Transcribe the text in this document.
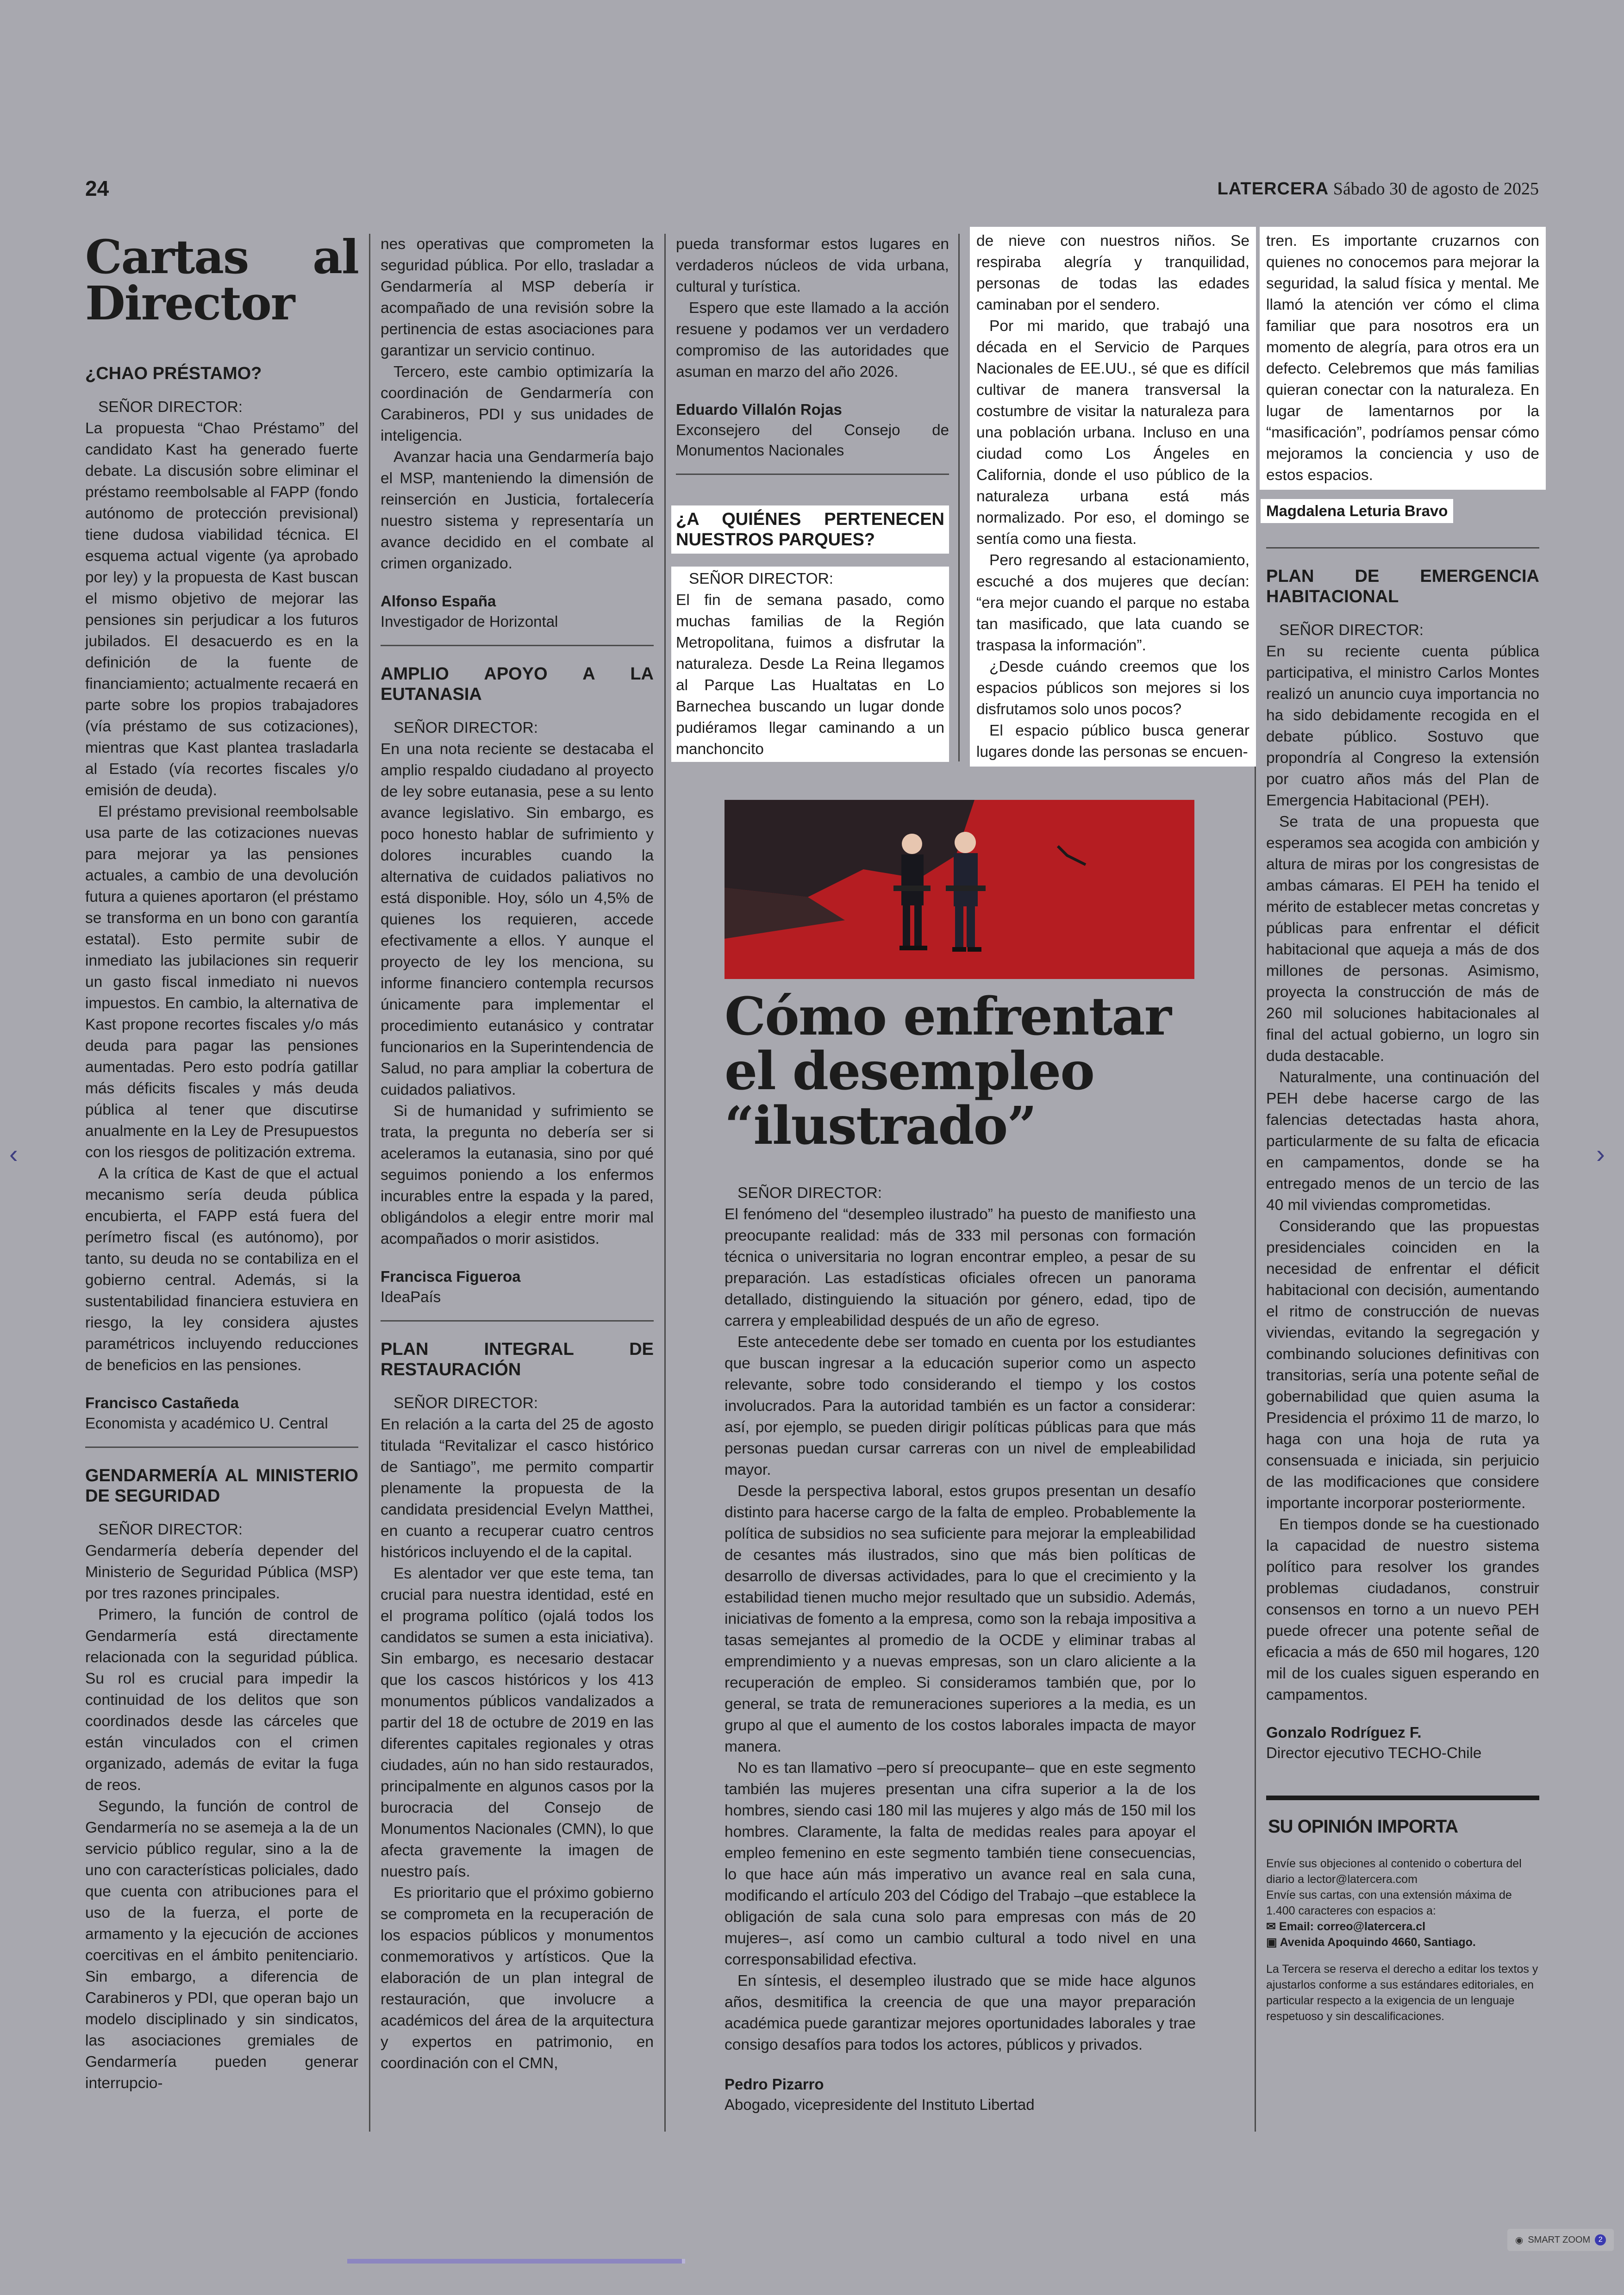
24	LATERCERA Sábado 30 de agosto de 2025
Cartas al Director
¿CHAO PRÉSTAMO?

SEÑOR DIRECTOR:

La propuesta “Chao Préstamo” del candidato Kast ha generado fuerte debate. La discusión sobre eliminar el préstamo reembolsable al FAPP (fondo autónomo de protección previsional) tiene dudosa viabilidad técnica. El esquema actual vigente (ya aprobado por ley) y la propuesta de Kast buscan el mismo objetivo de mejorar las pensiones sin perjudicar a los futuros jubilados. El desacuerdo es en la definición de la fuente de financiamiento; actualmente recaerá en parte sobre los propios trabajadores (vía préstamo de sus cotizaciones), mientras que Kast plantea trasladarla al Estado (vía recortes fiscales y/o emisión de deuda).

El préstamo previsional reembolsable usa parte de las cotizaciones nuevas para mejorar ya las pensiones actuales, a cambio de una devolución futura a quienes aportaron (el préstamo se transforma en un bono con garantía estatal). Esto permite subir de inmediato las jubilaciones sin requerir un gasto fiscal inmediato ni nuevos impuestos. En cambio, la alternativa de Kast propone recortes fiscales y/o más deuda para pagar las pensiones aumentadas. Pero esto podría gatillar más déficits fiscales y más deuda pública al tener que discutirse anualmente en la Ley de Presupuestos con los riesgos de politización extrema.

A la crítica de Kast de que el actual mecanismo sería deuda pública encubierta, el FAPP está fuera del perímetro fiscal (es autónomo), por tanto, su deuda no se contabiliza en el gobierno central. Además, si la sustentabilidad financiera estuviera en riesgo, la ley considera ajustes paramétricos incluyendo reducciones de beneficios en las pensiones.

Francisco Castañeda
Economista y académico U. Central
GENDARMERÍA AL MINISTERIO DE SEGURIDAD

SEÑOR DIRECTOR:

Gendarmería debería depender del Ministerio de Seguridad Pública (MSP) por tres razones principales.

Primero, la función de control de Gendarmería está directamente relacionada con la seguridad pública. Su rol es crucial para impedir la continuidad de los delitos que son coordinados desde las cárceles que están vinculados con el crimen organizado, además de evitar la fuga de reos.

Segundo, la función de control de Gendarmería no se asemeja a la de un servicio público regular, sino a la de uno con características policiales, dado que cuenta con atribuciones para el uso de la fuerza, el porte de armamento y la ejecución de acciones coercitivas en el ámbito penitenciario. Sin embargo, a diferencia de Carabineros y PDI, que operan bajo un modelo disciplinado y sin sindicatos, las asociaciones gremiales de Gendarmería pueden generar interrupcio-

nes operativas que comprometen la seguridad pública. Por ello, trasladar a Gendarmería al MSP debería ir acompañado de una revisión sobre la pertinencia de estas asociaciones para garantizar un servicio continuo.

Tercero, este cambio optimizaría la coordinación de Gendarmería con Carabineros, PDI y sus unidades de inteligencia.

Avanzar hacia una Gendarmería bajo el MSP, manteniendo la dimensión de reinserción en Justicia, fortalecería nuestro sistema y representaría un avance decidido en el combate al crimen organizado.

Alfonso España
Investigador de Horizontal
AMPLIO APOYO A LA EUTANASIA

SEÑOR DIRECTOR:

En una nota reciente se destacaba el amplio respaldo ciudadano al proyecto de ley sobre eutanasia, pese a su lento avance legislativo. Sin embargo, es poco honesto hablar de sufrimiento y dolores incurables cuando la alternativa de cuidados paliativos no está disponible. Hoy, sólo un 4,5% de quienes los requieren, accede efectivamente a ellos. Y aunque el proyecto de ley los menciona, su informe financiero contempla recursos únicamente para implementar el procedimiento eutanásico y contratar funcionarios en la Superintendencia de Salud, no para ampliar la cobertura de cuidados paliativos.

Si de humanidad y sufrimiento se trata, la pregunta no debería ser si aceleramos la eutanasia, sino por qué seguimos poniendo a los enfermos incurables entre la espada y la pared, obligándolos a elegir entre morir mal acompañados o morir asistidos.

Francisca Figueroa
IdeaPaís
PLAN INTEGRAL DE RESTAURACIÓN

SEÑOR DIRECTOR:

En relación a la carta del 25 de agosto titulada “Revitalizar el casco histórico de Santiago”, me permito compartir plenamente la propuesta de la candidata presidencial Evelyn Matthei, en cuanto a recuperar cuatro centros históricos incluyendo el de la capital.

Es alentador ver que este tema, tan crucial para nuestra identidad, esté en el programa político (ojalá todos los candidatos se sumen a esta iniciativa). Sin embargo, es necesario destacar que los cascos históricos y los 413 monumentos públicos vandalizados a partir del 18 de octubre de 2019 en las diferentes capitales regionales y otras ciudades, aún no han sido restaurados, principalmente en algunos casos por la burocracia del Consejo de Monumentos Nacionales (CMN), lo que afecta gravemente la imagen de nuestro país.

Es prioritario que el próximo gobierno se comprometa en la recuperación de los espacios públicos y monumentos conmemorativos y artísticos. Que la elaboración de un plan integral de restauración, que involucre a académicos del área de la arquitectura y expertos en patrimonio, en coordinación con el CMN,

pueda transformar estos lugares en verdaderos núcleos de vida urbana, cultural y turística.

Espero que este llamado a la acción resuene y podamos ver un verdadero compromiso de las autoridades que asuman en marzo del año 2026.

Eduardo Villalón Rojas
Exconsejero del Consejo de Monumentos Nacionales
¿A QUIÉNES PERTENECEN NUESTROS PARQUES?

SEÑOR DIRECTOR:

El fin de semana pasado, como muchas familias de la Región Metropolitana, fuimos a disfrutar la naturaleza. Desde La Reina llegamos al Parque Las Hualtatas en Lo Barnechea buscando un lugar donde pudiéramos llegar caminando a un manchoncito

de nieve con nuestros niños. Se respiraba alegría y tranquilidad, personas de todas las edades caminaban por el sendero.

Por mi marido, que trabajó una década en el Servicio de Parques Nacionales de EE.UU., sé que es difícil cultivar de manera transversal la costumbre de visitar la naturaleza para una población urbana. Incluso en una ciudad como Los Ángeles en California, donde el uso público de la naturaleza urbana está más normalizado. Por eso, el domingo se sentía como una fiesta.

Pero regresando al estacionamiento, escuché a dos mujeres que decían: “era mejor cuando el parque no estaba tan masificado, que lata cuando se traspasa la información”.

¿Desde cuándo creemos que los espacios públicos son mejores si los disfrutamos solo unos pocos?

El espacio público busca generar lugares donde las personas se encuen-

tren. Es importante cruzarnos con quienes no conocemos para mejorar la seguridad, la salud física y mental. Me llamó la atención ver cómo el clima familiar que para nosotros era un momento de alegría, para otros era un defecto. Celebremos que más familias quieran conectar con la naturaleza. En lugar de lamentarnos por la “masificación”, podríamos pensar cómo mejoramos la conciencia y uso de estos espacios.

Magdalena Leturia Bravo
PLAN DE EMERGENCIA HABITACIONAL

SEÑOR DIRECTOR:

En su reciente cuenta pública participativa, el ministro Carlos Montes realizó un anuncio cuya importancia no ha sido debidamente recogida en el debate público. Sostuvo que propondría al Congreso la extensión por cuatro años más del Plan de Emergencia Habitacional (PEH).

Se trata de una propuesta que esperamos sea acogida con ambición y altura de miras por los congresistas de ambas cámaras. El PEH ha tenido el mérito de establecer metas concretas y públicas para enfrentar el déficit habitacional que aqueja a más de dos millones de personas. Asimismo, proyecta la construcción de más de 260 mil soluciones habitacionales al final del actual gobierno, un logro sin duda destacable.

Naturalmente, una continuación del PEH debe hacerse cargo de las falencias detectadas hasta ahora, particularmente de su falta de eficacia en campamentos, donde se ha entregado menos de un tercio de las 40 mil viviendas comprometidas.

Considerando que las propuestas presidenciales coinciden en la necesidad de enfrentar el déficit habitacional con decisión, aumentando el ritmo de construcción de nuevas viviendas, evitando la segregación y combinando soluciones definitivas con transitorias, sería una potente señal de gobernabilidad que quien asuma la Presidencia el próximo 11 de marzo, lo haga con una hoja de ruta ya consensuada e iniciada, sin perjuicio de las modificaciones que considere importante incorporar posteriormente.

En tiempos donde se ha cuestionado la capacidad de nuestro sistema político para resolver los grandes problemas ciudadanos, construir consensos en torno a un nuevo PEH puede ofrecer una potente señal de eficacia a más de 650 mil hogares, 120 mil de los cuales siguen esperando en campamentos.

Gonzalo Rodríguez F.
Director ejecutivo TECHO-Chile
SU OPINIÓN IMPORTA
Envíe sus objeciones al contenido o cobertura del diario a lector@latercera.com
Envíe sus cartas, con una extensión máxima de 1.400 caracteres con espacios a:
✉ Email: correo@latercera.cl
▣ Avenida Apoquindo 4660, Santiago.
La Tercera se reserva el derecho a editar los textos y ajustarlos conforme a sus estándares editoriales, en particular respecto a la exigencia de un lenguaje respetuoso y sin descalificaciones.
Cómo enfrentar
el desempleo
“ilustrado”

SEÑOR DIRECTOR:

El fenómeno del “desempleo ilustrado” ha puesto de manifiesto una preocupante realidad: más de 333 mil personas con formación técnica o universitaria no logran encontrar empleo, a pesar de su preparación. Las estadísticas oficiales ofrecen un panorama detallado, distinguiendo la situación por género, edad, tipo de carrera y empleabilidad después de un año de egreso.

Este antecedente debe ser tomado en cuenta por los estudiantes que buscan ingresar a la educación superior como un aspecto relevante, sobre todo considerando el tiempo y los costos involucrados. Para la autoridad también es un factor a considerar: así, por ejemplo, se pueden dirigir políticas públicas para que más personas puedan cursar carreras con un nivel de empleabilidad mayor.

Desde la perspectiva laboral, estos grupos presentan un desafío distinto para hacerse cargo de la falta de empleo. Probablemente la política de subsidios no sea suficiente para mejorar la empleabilidad de cesantes más ilustrados, sino que más bien políticas de desarrollo de diversas actividades, para lo que el crecimiento y la estabilidad tienen mucho mejor resultado que un subsidio. Además, iniciativas de fomento a la empresa, como son la rebaja impositiva a tasas semejantes al promedio de la OCDE y eliminar trabas al emprendimiento y a nuevas empresas, son un claro aliciente a la recuperación de empleo. Si consideramos también que, por lo general, se trata de remuneraciones superiores a la media, es un grupo al que el aumento de los costos laborales impacta de mayor manera.

No es tan llamativo –pero sí preocupante– que en este segmento también las mujeres presentan una cifra superior a la de los hombres, siendo casi 180 mil las mujeres y algo más de 150 mil los hombres. Claramente, la falta de medidas reales para apoyar el empleo femenino en este segmento también tiene consecuencias, lo que hace aún más imperativo un avance real en sala cuna, modificando el artículo 203 del Código del Trabajo –que establece la obligación de sala cuna solo para empresas con más de 20 mujeres–, así como un cambio cultural a todo nivel en una corresponsabilidad efectiva.

En síntesis, el desempleo ilustrado que se mide hace algunos años, desmitifica la creencia de que una mayor preparación académica puede garantizar mejores oportunidades laborales y trae consigo desafíos para todos los actores, públicos y privados.

Pedro Pizarro
Abogado, vicepresidente del Instituto Libertad
‹	›
◉ SMART ZOOM	2
